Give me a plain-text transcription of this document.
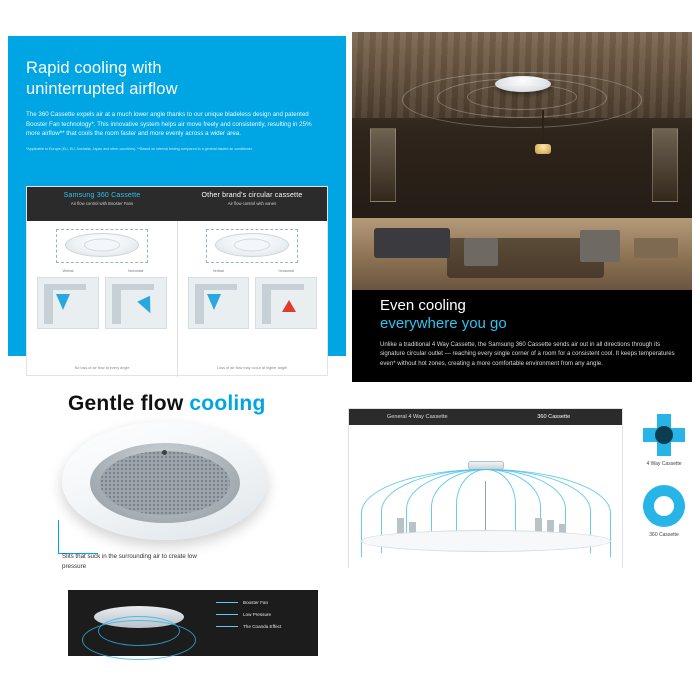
Rapid cooling with
uninterrupted airflow

The 360 Cassette expels air at a much lower angle thanks to our unique bladeless design and patented Booster Fan technology*. This innovative system helps air move freely and consistently, resulting in 25% more airflow** that cools the room faster and more evenly across a wider area.

*Applicable to Europe (EU, EU, Australia, Japan and other countries). **Based on internal testing compared to a general bladed air conditioner.

Samsung 360 Cassette
Air flow control with Booster Fans
Other brand's circular cassette
Air flow control with vanes
Vertical	Horizontal	Vertical	Horizontal
No loss of air flow at every angle	Loss of air flow may occur at higher angle
Even cooling
everywhere you go

Unlike a traditional 4 Way Cassette, the Samsung 360 Cassette sends air out in all directions through its signature circular outlet — reaching every single corner of a room for a consistent cool. It keeps temperatures even* without hot zones, creating a more comfortable environment from any angle.

Gentle flow cooling
Slits that suck in the surrounding air to create low pressure
Booster Fan
Low Pressure
The Coanda Effect
General 4 Way Cassette	360 Cassette
4 Way Cassette
360 Cassette
